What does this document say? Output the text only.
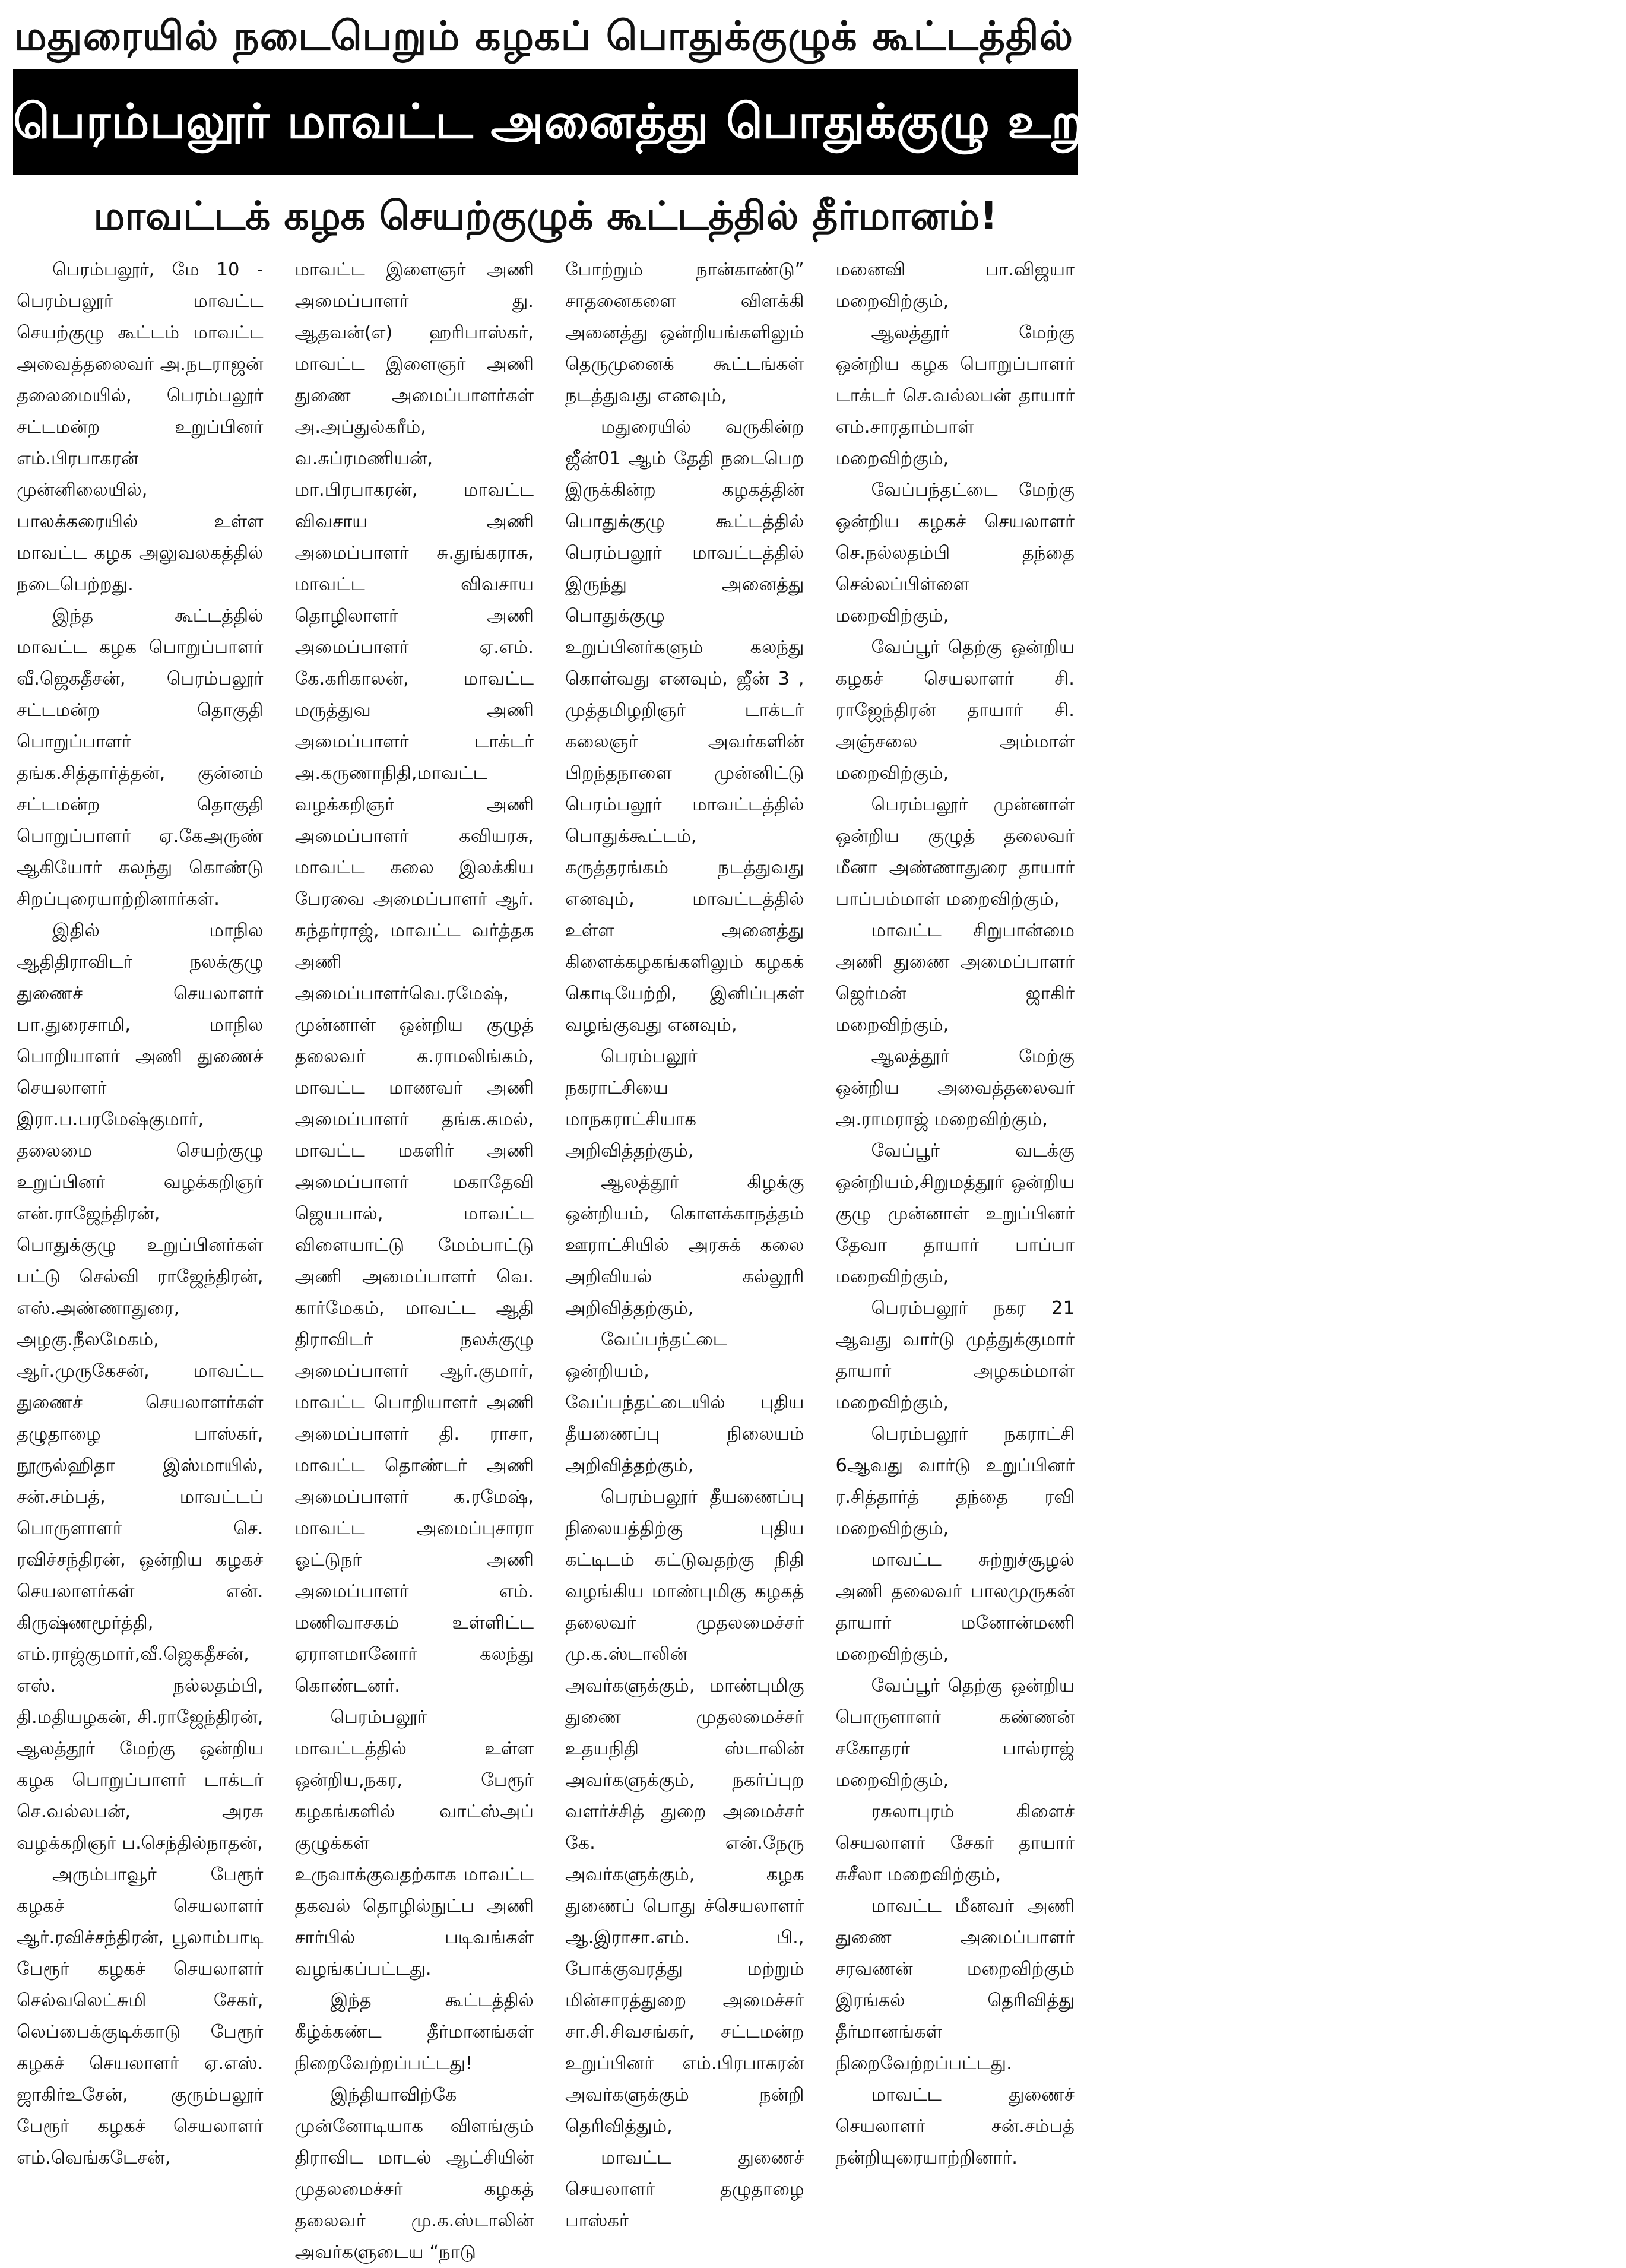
மதுரையில் நடைபெறும் கழகப் பொதுக்குழுக் கூட்டத்தில்
பெரம்பலூர் மாவட்ட அனைத்து பொதுக்குழு உறுப்பினர்களும் பங்கேற்பு!
மாவட்டக் கழக செயற்குழுக் கூட்டத்தில் தீர்மானம்!

பெரம்பலூர், மே 10 - பெரம்பலூர் மாவட்ட செயற்குழு கூட்டம் மாவட்ட அவைத்தலைவர் அ.நடராஜன் தலைமையில், பெரம்பலூர் சட்டமன்ற உறுப்பினர் எம்.பிரபாகரன் முன்னிலையில், பாலக்கரையில் உள்ள மாவட்ட கழக அலுவலகத்தில் நடைபெற்றது.

இந்த கூட்டத்தில் மாவட்ட கழக பொறுப்பாளர் வீ.ஜெகதீசன், பெரம்பலூர் சட்டமன்ற தொகுதி பொறுப்பாளர் தங்க.சித்தார்த்தன், குன்னம் சட்டமன்ற தொகுதி பொறுப்பாளர் ஏ.கேஅருண் ஆகியோர் கலந்து கொண்டு சிறப்புரையாற்றினார்கள்.

இதில் மாநில ஆதிதிராவிடர் நலக்குழு துணைச் செயலாளர் பா.துரைசாமி, மாநில பொறியாளர் அணி துணைச் செயலாளர் இரா.ப.பரமேஷ்குமார், தலைமை செயற்குழு உறுப்பினர் வழக்கறிஞர் என்.ராஜேந்திரன், பொதுக்குழு உறுப்பினர்கள் பட்டு செல்வி ராஜேந்திரன், எஸ்.அண்ணாதுரை, அழகு.நீலமேகம், ஆர்.முருகேசன், மாவட்ட துணைச் செயலாளர்கள் தழுதாழை பாஸ்கர், நூருல்ஹிதா இஸ்மாயில், சன்.சம்பத், மாவட்டப் பொருளாளர் செ. ரவிச்சந்திரன், ஒன்றிய கழகச் செயலாளர்கள் என். கிருஷ்ணமூர்த்தி, எம்.ராஜ்குமார்,வீ.ஜெகதீசன், எஸ். நல்லதம்பி, தி.மதியழகன், சி.ராஜேந்திரன், ஆலத்தூர் மேற்கு ஒன்றிய கழக பொறுப்பாளர் டாக்டர் செ.வல்லபன், அரசு வழக்கறிஞர் ப.செந்தில்நாதன்,

அரும்பாவூர் பேரூர் கழகச் செயலாளர் ஆர்.ரவிச்சந்திரன், பூலாம்பாடி பேரூர் கழகச் செயலாளர் செல்வலெட்சுமி சேகர், லெப்பைக்குடிக்காடு பேரூர் கழகச் செயலாளர் ஏ.எஸ். ஜாகிர்உசேன், குரும்பலூர் பேரூர் கழகச் செயலாளர் எம்.வெங்கடேசன்,

மாவட்ட இளைஞர் அணி அமைப்பாளர் து. ஆதவன்(எ) ஹரிபாஸ்கர், மாவட்ட இளைஞர் அணி துணை அமைப்பாளர்கள் அ.அப்துல்கரீம், வ.சுப்ரமணியன், மா.பிரபாகரன், மாவட்ட விவசாய அணி அமைப்பாளர் சு.துங்கராசு, மாவட்ட விவசாய தொழிலாளர் அணி அமைப்பாளர் ஏ.எம். கே.கரிகாலன், மாவட்ட மருத்துவ அணி அமைப்பாளர் டாக்டர் அ.கருணாநிதி,மாவட்ட வழக்கறிஞர் அணி அமைப்பாளர் கவியரசு, மாவட்ட கலை இலக்கிய பேரவை அமைப்பாளர் ஆர். சுந்தர்ராஜ், மாவட்ட வர்த்தக அணி அமைப்பாளர்வெ.ரமேஷ், முன்னாள் ஒன்றிய குழுத் தலைவர் க.ராமலிங்கம், மாவட்ட மாணவர் அணி அமைப்பாளர் தங்க.கமல், மாவட்ட மகளிர் அணி அமைப்பாளர் மகாதேவி ஜெயபால், மாவட்ட விளையாட்டு மேம்பாட்டு அணி அமைப்பாளர் வெ. கார்மேகம், மாவட்ட ஆதி திராவிடர் நலக்குழு அமைப்பாளர் ஆர்.குமார், மாவட்ட பொறியாளர் அணி அமைப்பாளர் தி. ராசா, மாவட்ட தொண்டர் அணி அமைப்பாளர் க.ரமேஷ், மாவட்ட அமைப்புசாரா ஓட்டுநர் அணி அமைப்பாளர் எம். மணிவாசகம் உள்ளிட்ட ஏராளமானோர் கலந்து கொண்டனர்.

பெரம்பலூர் மாவட்டத்தில் உள்ள ஒன்றிய,நகர, பேரூர் கழகங்களில் வாட்ஸ்அப் குழுக்கள் உருவாக்குவதற்காக மாவட்ட தகவல் தொழில்நுட்ப அணி சார்பில் படிவங்கள் வழங்கப்பட்டது.

இந்த கூட்டத்தில் கீழ்க்கண்ட தீர்மானங்கள் நிறைவேற்றப்பட்டது!

இந்தியாவிற்கே முன்னோடியாக விளங்கும் திராவிட மாடல் ஆட்சியின் முதலமைச்சர் கழகத் தலைவர் மு.க.ஸ்டாலின் அவர்களுடைய “நாடு

போற்றும் நான்காண்டு” சாதனைகளை விளக்கி அனைத்து ஒன்றியங்களிலும் தெருமுனைக் கூட்டங்கள் நடத்துவது எனவும்,

மதுரையில் வருகின்ற ஜீன்01 ஆம் தேதி நடைபெற இருக்கின்ற கழகத்தின் பொதுக்குழு கூட்டத்தில் பெரம்பலூர் மாவட்டத்தில் இருந்து அனைத்து பொதுக்குழு உறுப்பினர்களும் கலந்து கொள்வது எனவும், ஜீன் 3 , முத்தமிழறிஞர் டாக்டர் கலைஞர் அவர்களின் பிறந்தநாளை முன்னிட்டு பெரம்பலூர் மாவட்டத்தில் பொதுக்கூட்டம், கருத்தரங்கம் நடத்துவது எனவும், மாவட்டத்தில் உள்ள அனைத்து கிளைக்கழகங்களிலும் கழகக் கொடியேற்றி, இனிப்புகள் வழங்குவது எனவும்,

பெரம்பலூர் நகராட்சியை மாநகராட்சியாக அறிவித்தற்கும்,

ஆலத்தூர் கிழக்கு ஒன்றியம், கொளக்காநத்தம் ஊராட்சியில் அரசுக் கலை அறிவியல் கல்லூரி அறிவித்தற்கும்,

வேப்பந்தட்டை ஒன்றியம், வேப்பந்தட்டையில் புதிய தீயணைப்பு நிலையம் அறிவித்தற்கும்,

பெரம்பலூர் தீயணைப்பு நிலையத்திற்கு புதிய கட்டிடம் கட்டுவதற்கு நிதி வழங்கிய மாண்புமிகு கழகத் தலைவர் முதலமைச்சர் மு.க.ஸ்டாலின் அவர்களுக்கும், மாண்புமிகு துணை முதலமைச்சர் உதயநிதி ஸ்டாலின் அவர்களுக்கும், நகர்ப்புற வளர்ச்சித் துறை அமைச்சர் கே. என்.நேரு அவர்களுக்கும், கழக துணைப் பொது ச்செயலாளர் ஆ.இராசா.எம். பி., போக்குவரத்து மற்றும் மின்சாரத்துறை அமைச்சர் சா.சி.சிவசங்கர், சட்டமன்ற உறுப்பினர் எம்.பிரபாகரன் அவர்களுக்கும் நன்றி தெரிவித்தும்,

மாவட்ட துணைச் செயலாளர் தழுதாழை பாஸ்கர்

மனைவி பா.விஜயா மறைவிற்கும்,

ஆலத்தூர் மேற்கு ஒன்றிய கழக பொறுப்பாளர் டாக்டர் செ.வல்லபன் தாயார் எம்.சாரதாம்பாள் மறைவிற்கும்,

வேப்பந்தட்டை மேற்கு ஒன்றிய கழகச் செயலாளர் செ.நல்லதம்பி தந்தை செல்லப்பிள்ளை மறைவிற்கும்,

வேப்பூர் தெற்கு ஒன்றிய கழகச் செயலாளர் சி. ராஜேந்திரன் தாயார் சி. அஞ்சலை அம்மாள் மறைவிற்கும்,

பெரம்பலூர் முன்னாள் ஒன்றிய குழுத் தலைவர் மீனா அண்ணாதுரை தாயார் பாப்பம்மாள் மறைவிற்கும்,

மாவட்ட சிறுபான்மை அணி துணை அமைப்பாளர் ஜெர்மன் ஜாகிர் மறைவிற்கும்,

ஆலத்தூர் மேற்கு ஒன்றிய அவைத்தலைவர் அ.ராமராஜ் மறைவிற்கும்,

வேப்பூர் வடக்கு ஒன்றியம்,சிறுமத்தூர் ஒன்றிய குழு முன்னாள் உறுப்பினர் தேவா தாயார் பாப்பா மறைவிற்கும்,

பெரம்பலூர் நகர 21 ஆவது வார்டு முத்துக்குமார் தாயார் அழகம்மாள் மறைவிற்கும்,

பெரம்பலூர் நகராட்சி 6ஆவது வார்டு உறுப்பினர் ர.சித்தார்த் தந்தை ரவி மறைவிற்கும்,

மாவட்ட சுற்றுச்சூழல் அணி தலைவர் பாலமுருகன் தாயார் மனோன்மணி மறைவிற்கும்,

வேப்பூர் தெற்கு ஒன்றிய பொருளாளர் கண்ணன் சகோதரர் பால்ராஜ் மறைவிற்கும்,

ரசுலாபுரம் கிளைச் செயலாளர் சேகர் தாயார் சுசீலா மறைவிற்கும்,

மாவட்ட மீனவர் அணி துணை அமைப்பாளர் சரவணன் மறைவிற்கும் இரங்கல் தெரிவித்து தீர்மானங்கள் நிறைவேற்றப்பட்டது.

மாவட்ட துணைச் செயலாளர் சன்.சம்பத் நன்றியுரையாற்றினார்.
